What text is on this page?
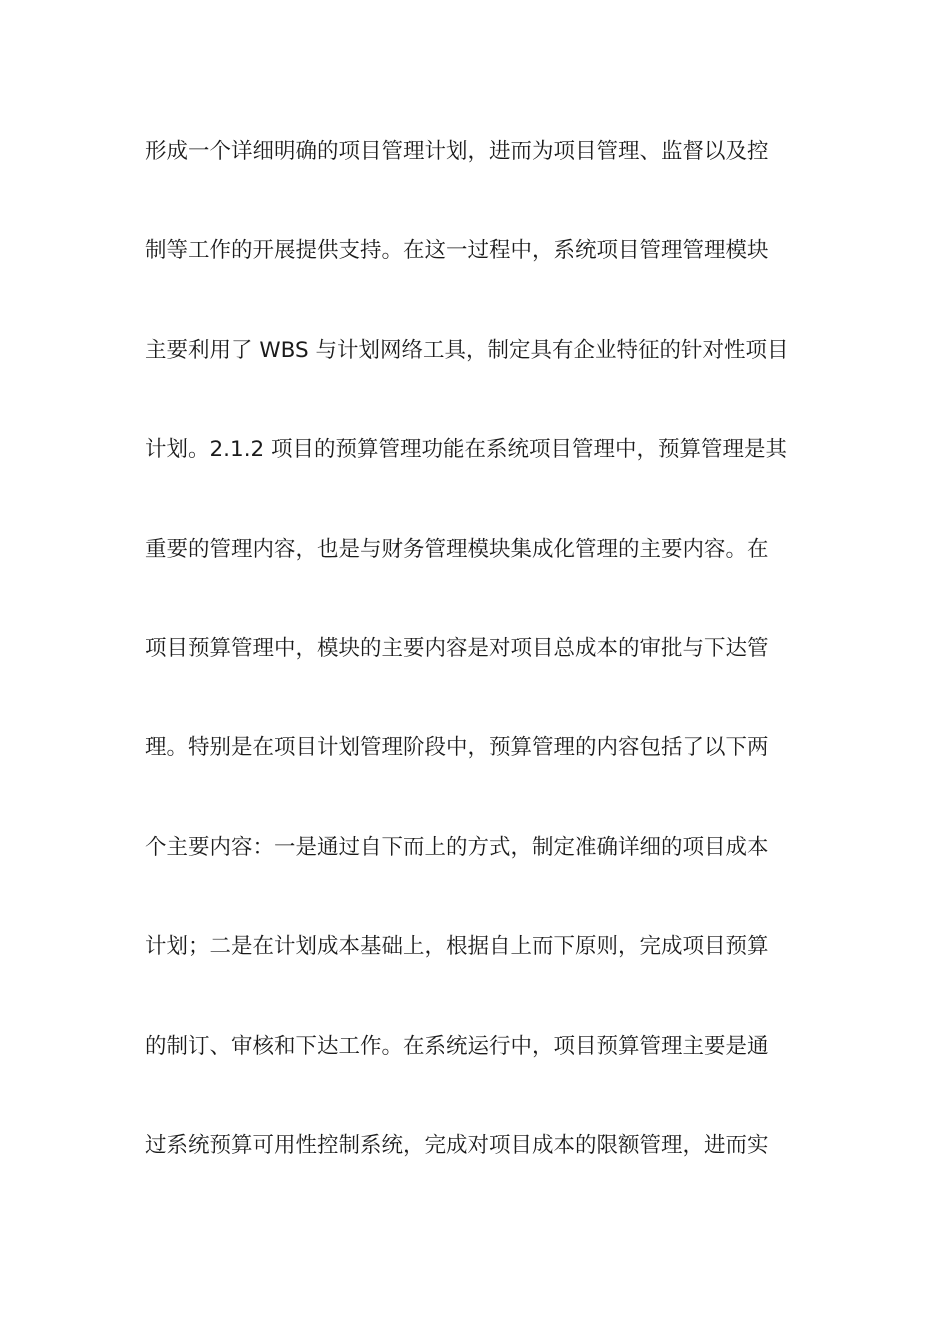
形成一个详细明确的项目管理计划，进而为项目管理、监督以及控

制等工作的开展提供支持。在这一过程中，系统项目管理管理模块

主要利用了 WBS 与计划网络工具，制定具有企业特征的针对性项目

计划。2.1.2 项目的预算管理功能在系统项目管理中，预算管理是其

重要的管理内容，也是与财务管理模块集成化管理的主要内容。在

项目预算管理中，模块的主要内容是对项目总成本的审批与下达管

理。特别是在项目计划管理阶段中，预算管理的内容包括了以下两

个主要内容：一是通过自下而上的方式，制定准确详细的项目成本

计划；二是在计划成本基础上，根据自上而下原则，完成项目预算

的制订、审核和下达工作。在系统运行中，项目预算管理主要是通

过系统预算可用性控制系统，完成对项目成本的限额管理，进而实
